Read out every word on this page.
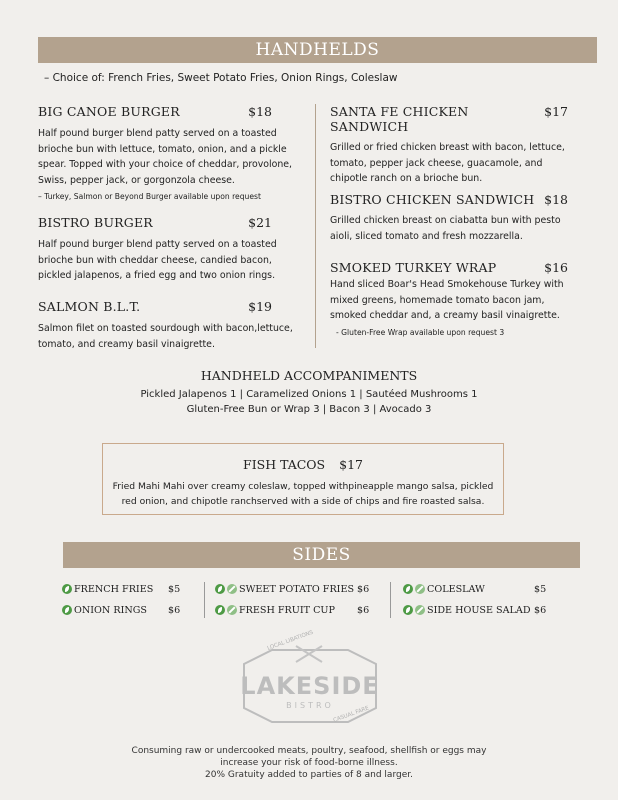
HANDHELDS
– Choice of: French Fries, Sweet Potato Fries, Onion Rings, Coleslaw
BIG CANOE BURGER	$18
Half pound burger blend patty served on a toasted brioche bun with lettuce, tomato, onion, and a pickle spear. Topped with your choice of cheddar, provolone, Swiss, pepper jack, or gorgonzola cheese.
– Turkey, Salmon or Beyond Burger available upon request
BISTRO BURGER	$21
Half pound burger blend patty served on a toasted brioche bun with cheddar cheese, candied bacon, pickled jalapenos, a fried egg and two onion rings.
SALMON B.L.T.	$19
Salmon filet on toasted sourdough with bacon,lettuce, tomato, and creamy basil vinaigrette.
SANTA FE CHICKEN SANDWICH
$17
Grilled or fried chicken breast with bacon, lettuce, tomato, pepper jack cheese, guacamole, and chipotle ranch on a brioche bun.
BISTRO CHICKEN SANDWICH $18
Grilled chicken breast on ciabatta bun with pesto aioli, sliced tomato and fresh mozzarella.
SMOKED TURKEY WRAP	$16
Hand sliced Boar's Head Smokehouse Turkey with mixed greens, homemade tomato bacon jam, smoked cheddar and, a creamy basil vinaigrette.
- Gluten-Free Wrap available upon request 3
HANDHELD ACCOMPANIMENTS
Pickled Jalapenos 1 | Caramelized Onions 1 | Sautéed Mushrooms 1
Gluten-Free Bun or Wrap 3 | Bacon 3 | Avocado 3
FISH TACOS $17
Fried Mahi Mahi over creamy coleslaw, topped withpineapple mango salsa, pickled
red onion, and chipotle ranchserved with a side of chips and fire roasted salsa.
SIDES
FRENCH FRIES $5	SWEET POTATO FRIES $6	COLESLAW	$5
ONION RINGS $6	FRESH FRUIT CUP $6	SIDE HOUSE SALAD $6
LOCAL LIBATIONS
LAKESIDE
BISTRO
CASUAL FARE
Consuming raw or undercooked meats, poultry, seafood, shellfish or eggs may
increase your risk of food-borne illness.
20% Gratuity added to parties of 8 and larger.
